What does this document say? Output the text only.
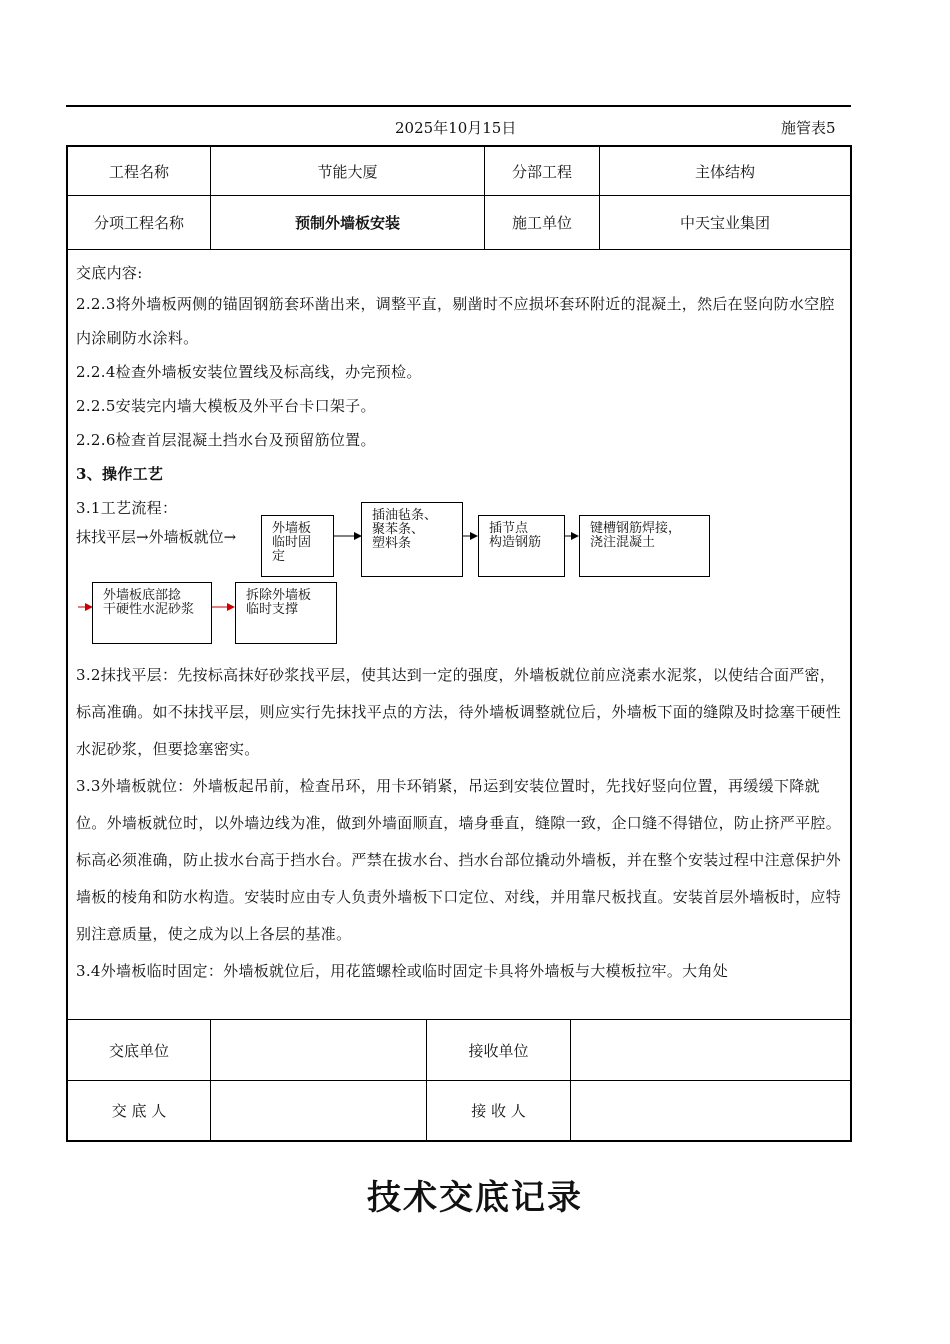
2025年10月15日	施管表5
工程名称	节能大厦	分部工程	主体结构
分项工程名称	预制外墙板安装	施工单位	中天宝业集团

交底内容:

2.2.3将外墙板两侧的锚固钢筋套环凿出来，调整平直，剔凿时不应损坏套环附近的混凝土，然后在竖向防水空腔内涂刷防水涂料。

2.2.4检查外墙板安装位置线及标高线，办完预检。

2.2.5安装完内墙大模板及外平台卡口架子。

2.2.6检查首层混凝土挡水台及预留筋位置。

3、操作工艺

3.1工艺流程：

抹找平层→外墙板就位→	外墙板
临时固定
插油毡条、
聚苯条、
塑料条
插节点
构造钢筋
键槽钢筋焊接，
浇注混凝土
外墙板底部捻
干硬性水泥砂浆
拆除外墙板
临时支撑

3.2抹找平层：先按标高抹好砂浆找平层，使其达到一定的强度，外墙板就位前应浇素水泥浆，以使结合面严密，标高准确。如不抹找平层，则应实行先抹找平点的方法，待外墙板调整就位后，外墙板下面的缝隙及时捻塞干硬性水泥砂浆，但要捻塞密实。

3.3外墙板就位：外墙板起吊前，检查吊环，用卡环销紧，吊运到安装位置时，先找好竖向位置，再缓缓下降就位。外墙板就位时，以外墙边线为准，做到外墙面顺直，墙身垂直，缝隙一致，企口缝不得错位，防止挤严平腔。标高必须准确，防止拔水台高于挡水台。严禁在拔水台、挡水台部位撬动外墙板，并在整个安装过程中注意保护外墙板的棱角和防水构造。安装时应由专人负责外墙板下口定位、对线，并用靠尺板找直。安装首层外墙板时，应特别注意质量，使之成为以上各层的基准。

3.4外墙板临时固定：外墙板就位后，用花篮螺栓或临时固定卡具将外墙板与大模板拉牢。大角处

交底单位	接收单位
交 底 人	接 收 人
技术交底记录
